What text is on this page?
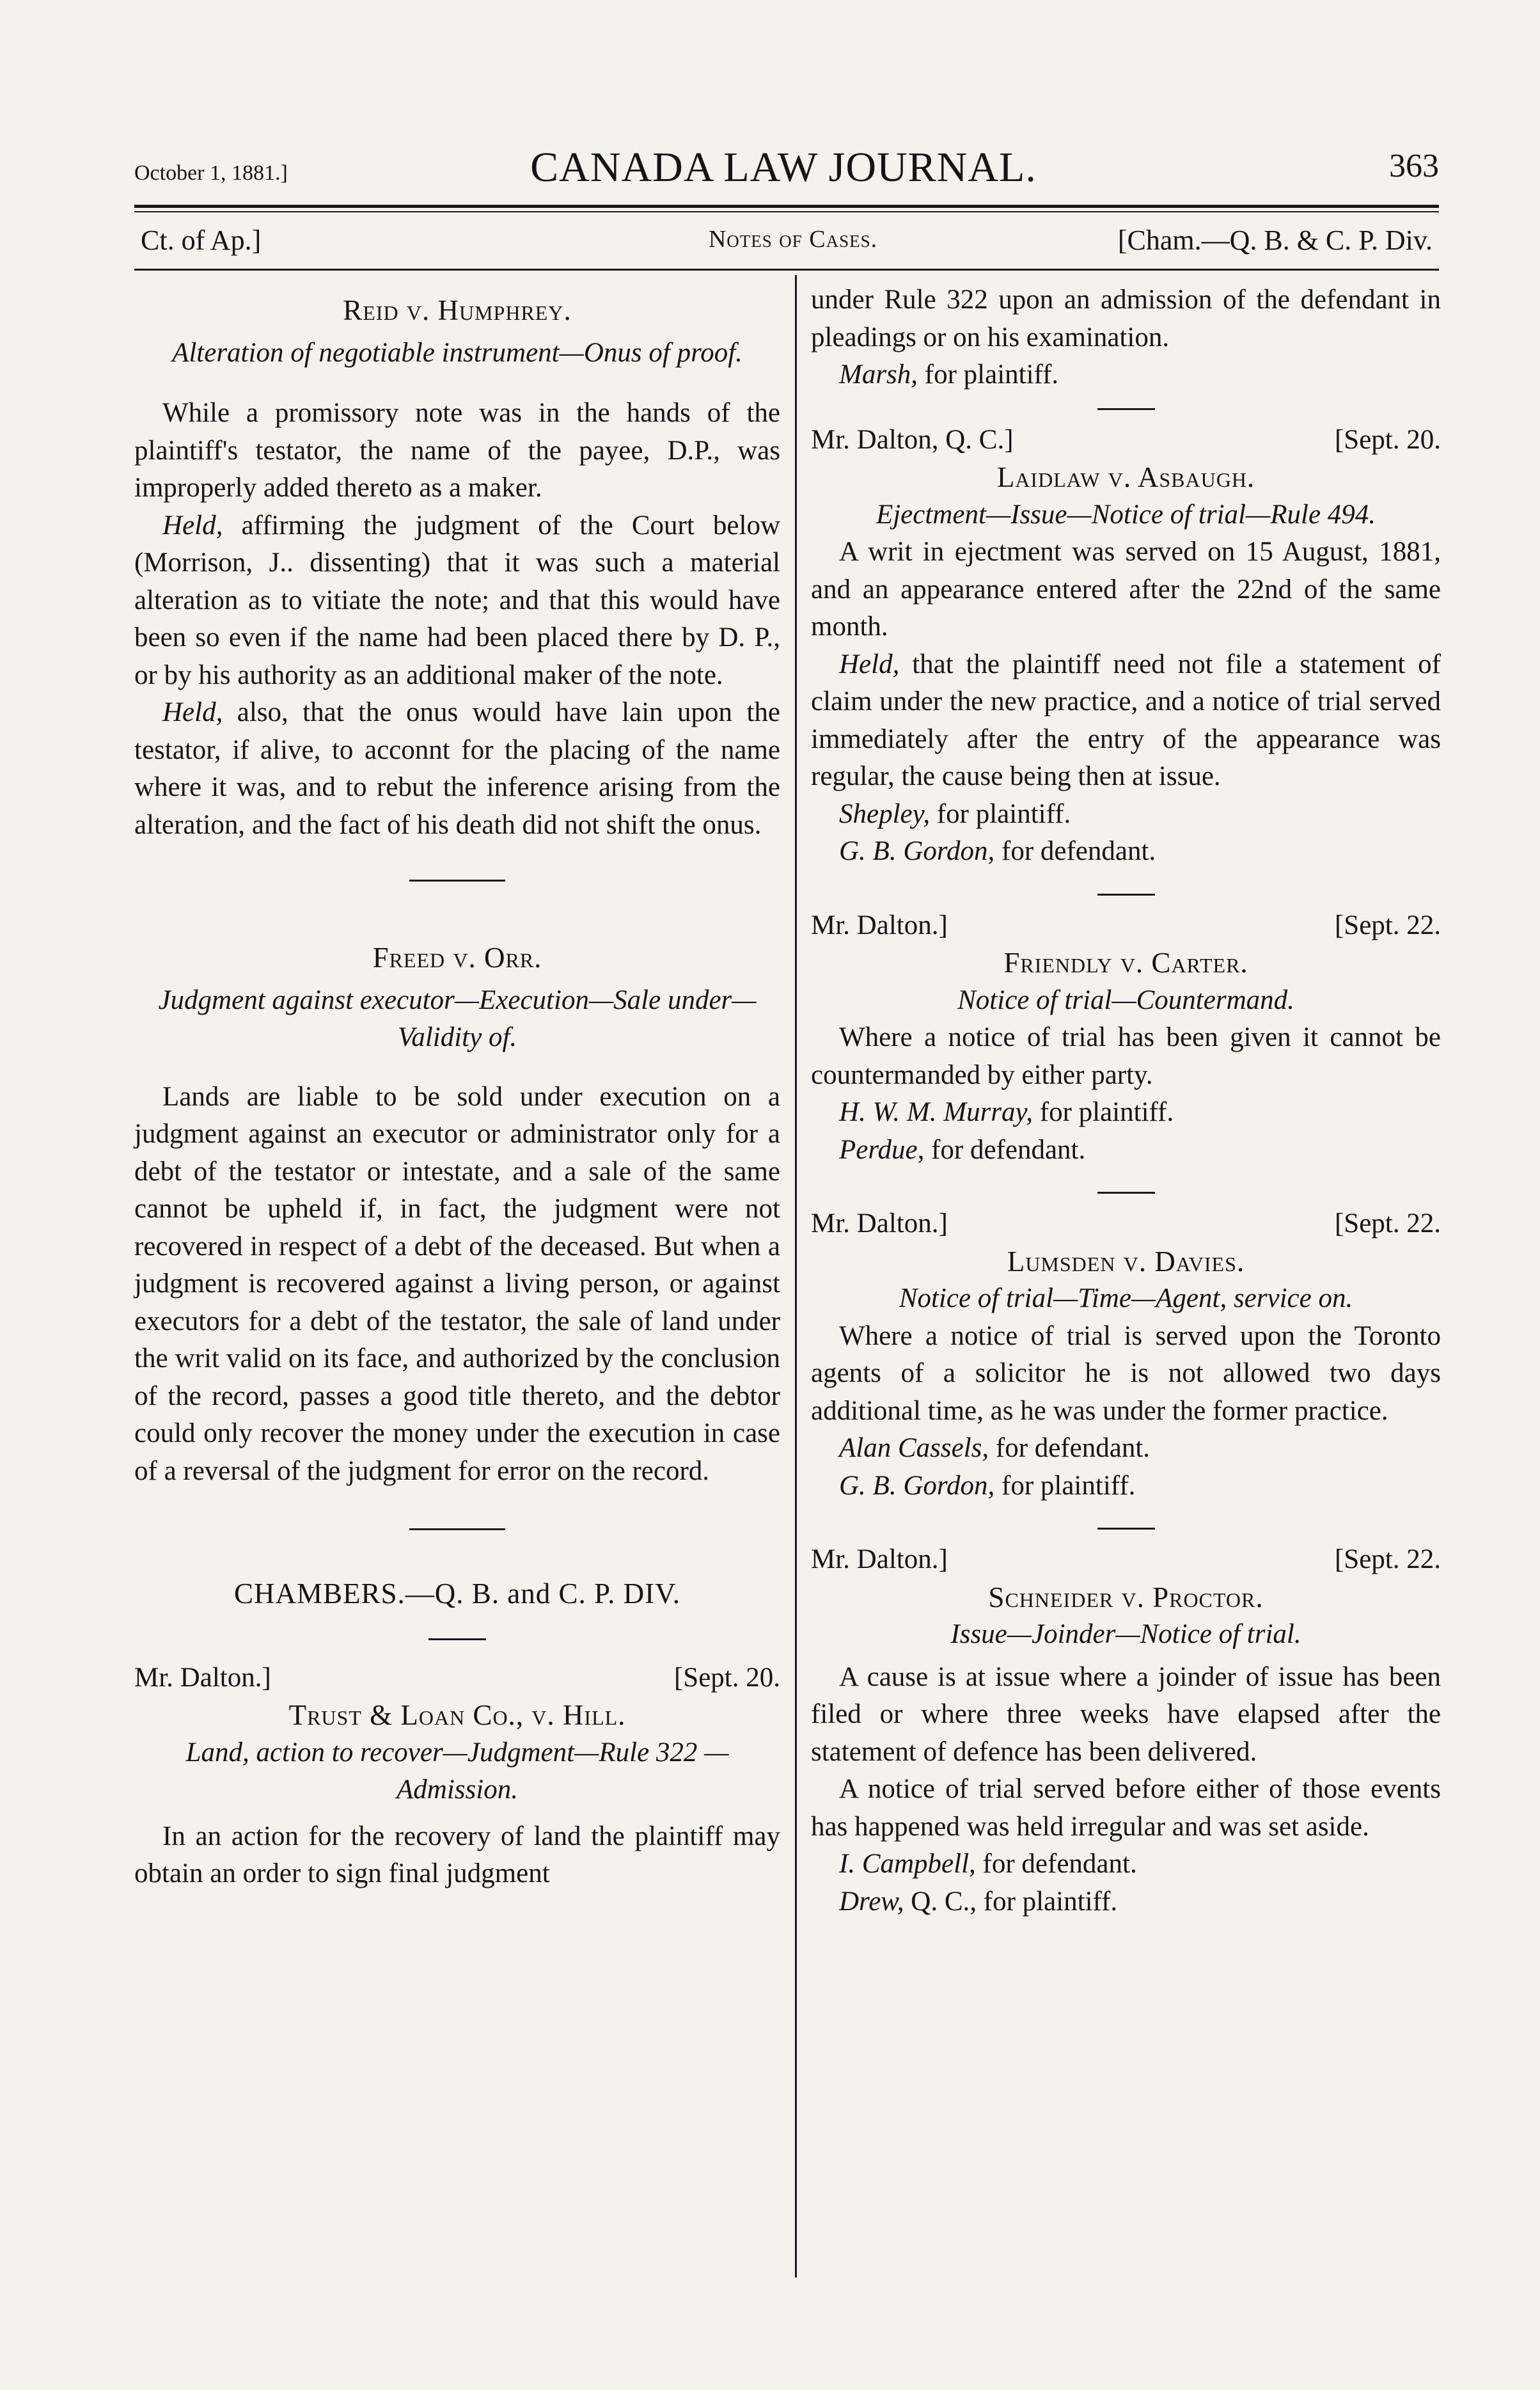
October 1, 1881.]	CANADA LAW JOURNAL.	363
Ct. of Ap.]	Notes of Cases.	[Cham.—Q. B. & C. P. Div.
Reid v. Humphrey.
Alteration of negotiable instrument—Onus of proof.

While a promissory note was in the hands of the plaintiff's testator, the name of the payee, D.P., was improperly added thereto as a maker.

Held, affirming the judgment of the Court below (Morrison, J.. dissenting) that it was such a material alteration as to vitiate the note; and that this would have been so even if the name had been placed there by D. P., or by his authority as an additional maker of the note.

Held, also, that the onus would have lain upon the testator, if alive, to acconnt for the placing of the name where it was, and to rebut the inference arising from the alteration, and the fact of his death did not shift the onus.

Freed v. Orr.
Judgment against executor—Execution—Sale under—Validity of.

Lands are liable to be sold under execution on a judgment against an executor or administrator only for a debt of the testator or intestate, and a sale of the same cannot be upheld if, in fact, the judgment were not recovered in respect of a debt of the deceased. But when a judgment is recovered against a living person, or against executors for a debt of the testator, the sale of land under the writ valid on its face, and authorized by the conclusion of the record, passes a good title thereto, and the debtor could only recover the money under the execution in case of a reversal of the judgment for error on the record.

CHAMBERS.—Q. B. and C. P. DIV.
Mr. Dalton.]	[Sept. 20.
Trust & Loan Co., v. Hill.
Land, action to recover—Judgment—Rule 322 —Admission.

In an action for the recovery of land the plaintiff may obtain an order to sign final judgment

under Rule 322 upon an admission of the defendant in pleadings or on his examination.

Marsh, for plaintiff.

Mr. Dalton, Q. C.]	[Sept. 20.
Laidlaw v. Asbaugh.
Ejectment—Issue—Notice of trial—Rule 494.

A writ in ejectment was served on 15 August, 1881, and an appearance entered after the 22nd of the same month.

Held, that the plaintiff need not file a statement of claim under the new practice, and a notice of trial served immediately after the entry of the appearance was regular, the cause being then at issue.

Shepley, for plaintiff.

G. B. Gordon, for defendant.

Mr. Dalton.]	[Sept. 22.
Friendly v. Carter.
Notice of trial—Countermand.

Where a notice of trial has been given it cannot be countermanded by either party.

H. W. M. Murray, for plaintiff.

Perdue, for defendant.

Mr. Dalton.]	[Sept. 22.
Lumsden v. Davies.
Notice of trial—Time—Agent, service on.

Where a notice of trial is served upon the Toronto agents of a solicitor he is not allowed two days additional time, as he was under the former practice.

Alan Cassels, for defendant.

G. B. Gordon, for plaintiff.

Mr. Dalton.]	[Sept. 22.
Schneider v. Proctor.
Issue—Joinder—Notice of trial.

A cause is at issue where a joinder of issue has been filed or where three weeks have elapsed after the statement of defence has been delivered.

A notice of trial served before either of those events has happened was held irregular and was set aside.

I. Campbell, for defendant.

Drew, Q. C., for plaintiff.
